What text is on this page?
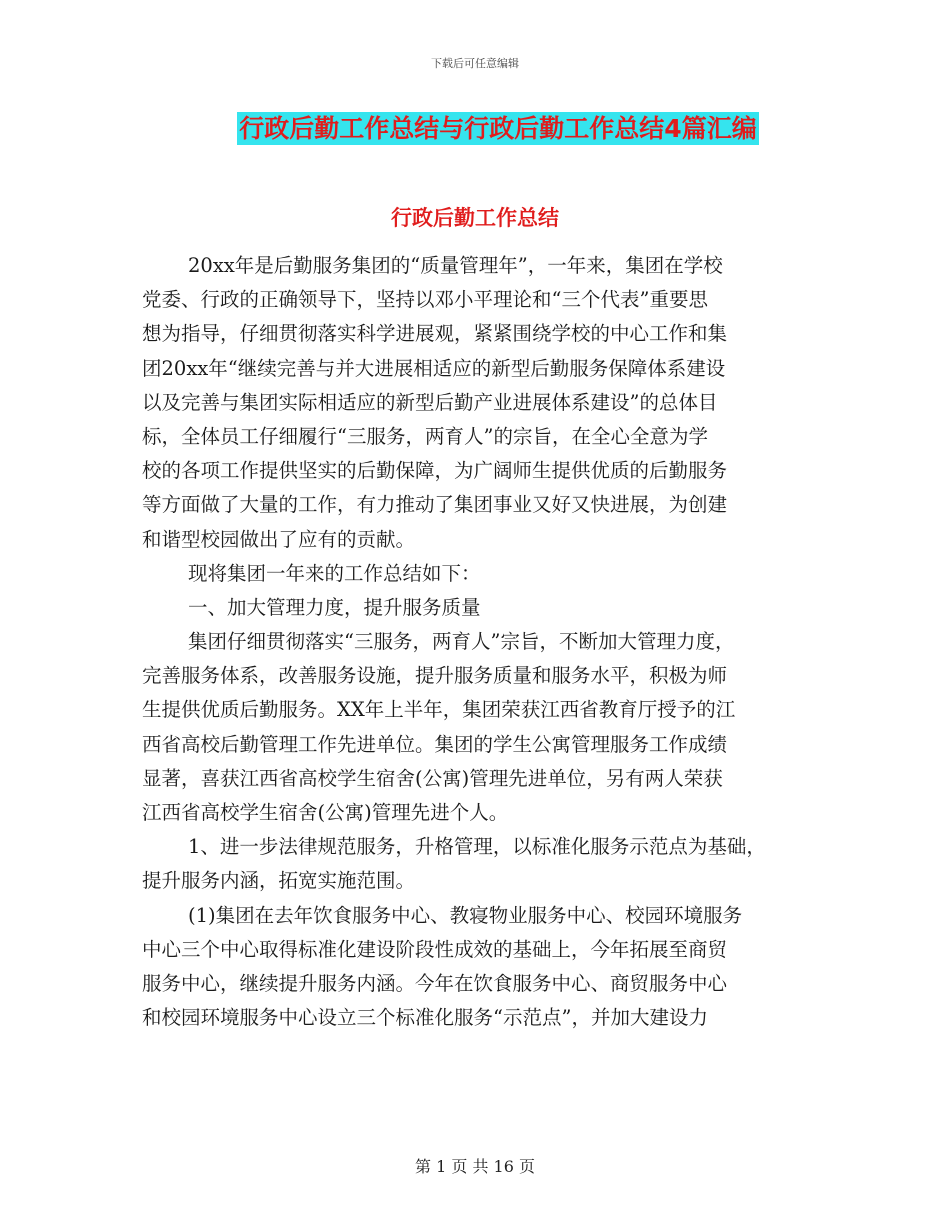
下载后可任意编辑
行政后勤工作总结与行政后勤工作总结4篇汇编
行政后勤工作总结
20xx年是后勤服务集团的“质量管理年”，一年来，集团在学校
党委、行政的正确领导下，坚持以邓小平理论和“三个代表”重要思
想为指导，仔细贯彻落实科学进展观，紧紧围绕学校的中心工作和集
团20xx年“继续完善与并大进展相适应的新型后勤服务保障体系建设
以及完善与集团实际相适应的新型后勤产业进展体系建设”的总体目
标，全体员工仔细履行“三服务，两育人”的宗旨，在全心全意为学
校的各项工作提供坚实的后勤保障，为广阔师生提供优质的后勤服务
等方面做了大量的工作，有力推动了集团事业又好又快进展，为创建
和谐型校园做出了应有的贡献。
现将集团一年来的工作总结如下：
一、加大管理力度，提升服务质量
集团仔细贯彻落实“三服务，两育人”宗旨，不断加大管理力度，
完善服务体系，改善服务设施，提升服务质量和服务水平，积极为师
生提供优质后勤服务。XX年上半年，集团荣获江西省教育厅授予的江
西省高校后勤管理工作先进单位。集团的学生公寓管理服务工作成绩
显著，喜获江西省高校学生宿舍(公寓)管理先进单位，另有两人荣获
江西省高校学生宿舍(公寓)管理先进个人。
1、进一步法律规范服务，升格管理，以标准化服务示范点为基础，
提升服务内涵，拓宽实施范围。
(1)集团在去年饮食服务中心、教寝物业服务中心、校园环境服务
中心三个中心取得标准化建设阶段性成效的基础上，今年拓展至商贸
服务中心，继续提升服务内涵。今年在饮食服务中心、商贸服务中心
和校园环境服务中心设立三个标准化服务“示范点”，并加大建设力
第 1 页 共 16 页
